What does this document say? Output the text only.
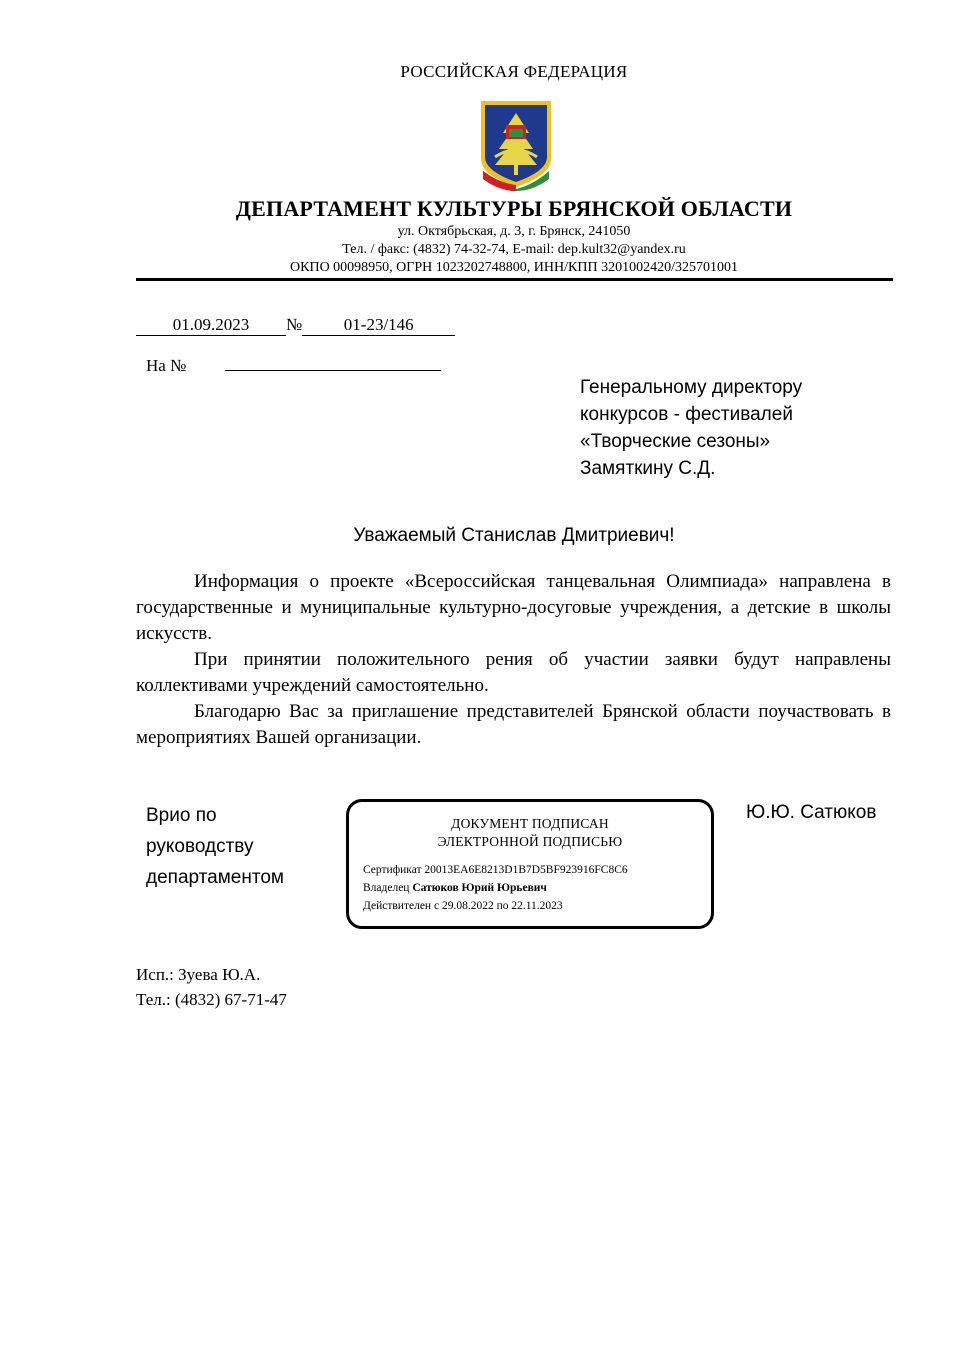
РОССИЙСКАЯ ФЕДЕРАЦИЯ
ДЕПАРТАМЕНТ КУЛЬТУРЫ БРЯНСКОЙ ОБЛАСТИ
ул. Октябрьская, д. 3, г. Брянск, 241050
Тел. / факс: (4832) 74-32-74, E-mail: dep.kult32@yandex.ru
ОКПО 00098950, ОГРН 1023202748800, ИНН/КПП 3201002420/325701001
01.09.2023 № 01-23/146
На №
Генеральному директору
конкурсов - фестивалей
«Творческие сезоны»
Замяткину С.Д.
Уважаемый Станислав Дмитриевич!

Информация о проекте «Всероссийская танцевальная Олимпиада» направлена в государственные и муниципальные культурно-досуговые учреждения, а детские в школы искусств.

При принятии положительного рения об участии заявки будут направлены коллективами учреждений самостоятельно.

Благодарю Вас за приглашение представителей Брянской области поучаствовать в мероприятиях Вашей организации.

Врио по
руководству
департаментом
ДОКУМЕНТ ПОДПИСАН
ЭЛЕКТРОННОЙ ПОДПИСЬЮ
Сертификат 20013EA6E8213D1B7D5BF923916FC8C6
Владелец Сатюков Юрий Юрьевич
Действителен с 29.08.2022 по 22.11.2023
Ю.Ю. Сатюков
Исп.: Зуева Ю.А.
Тел.: (4832) 67-71-47
